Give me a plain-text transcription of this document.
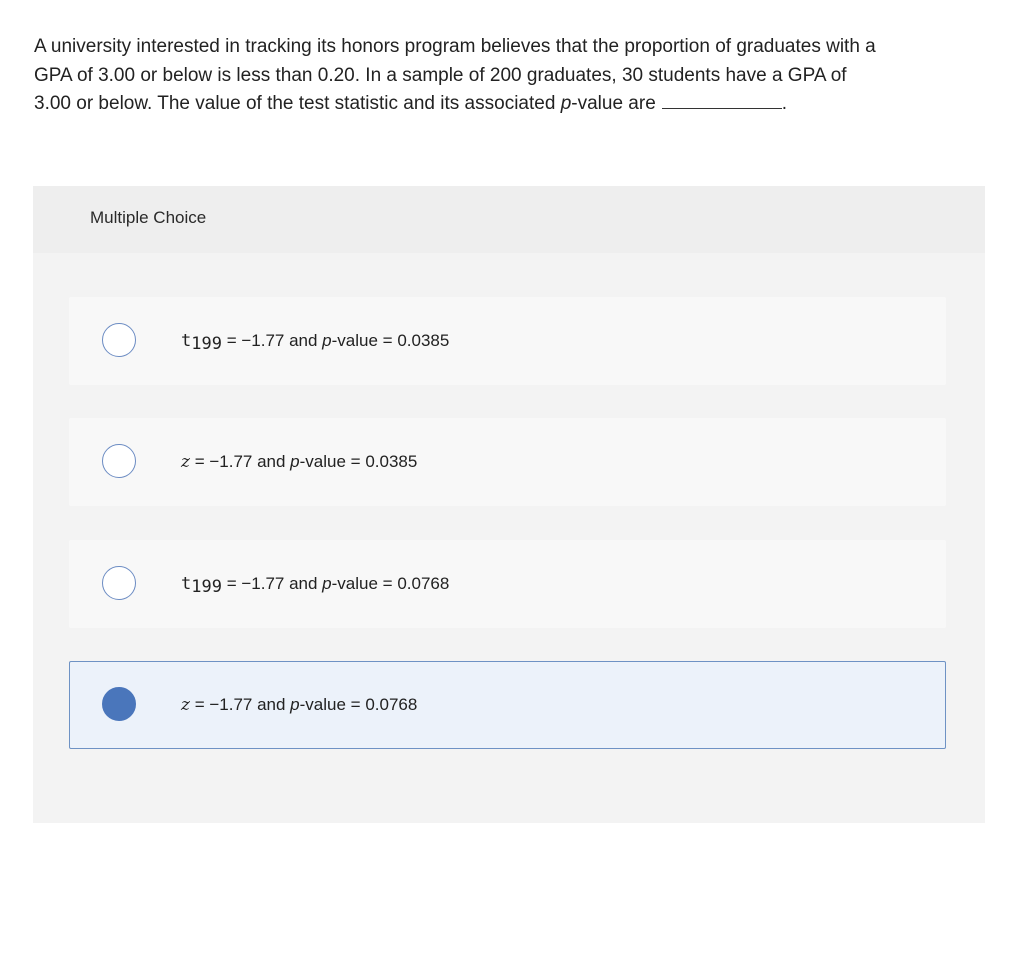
A university interested in tracking its honors program believes that the proportion of graduates with a
GPA of 3.00 or below is less than 0.20. In a sample of 200 graduates, 30 students have a GPA of
3.00 or below. The value of the test statistic and its associated p-value are	.
Multiple Choice
$t_{199} = -1.77$ and p-value = 0.0385
z = −1.77 and p-value = 0.0385
$t_{199} = -1.77$ and p-value = 0.0768
z = −1.77 and p-value = 0.0768
